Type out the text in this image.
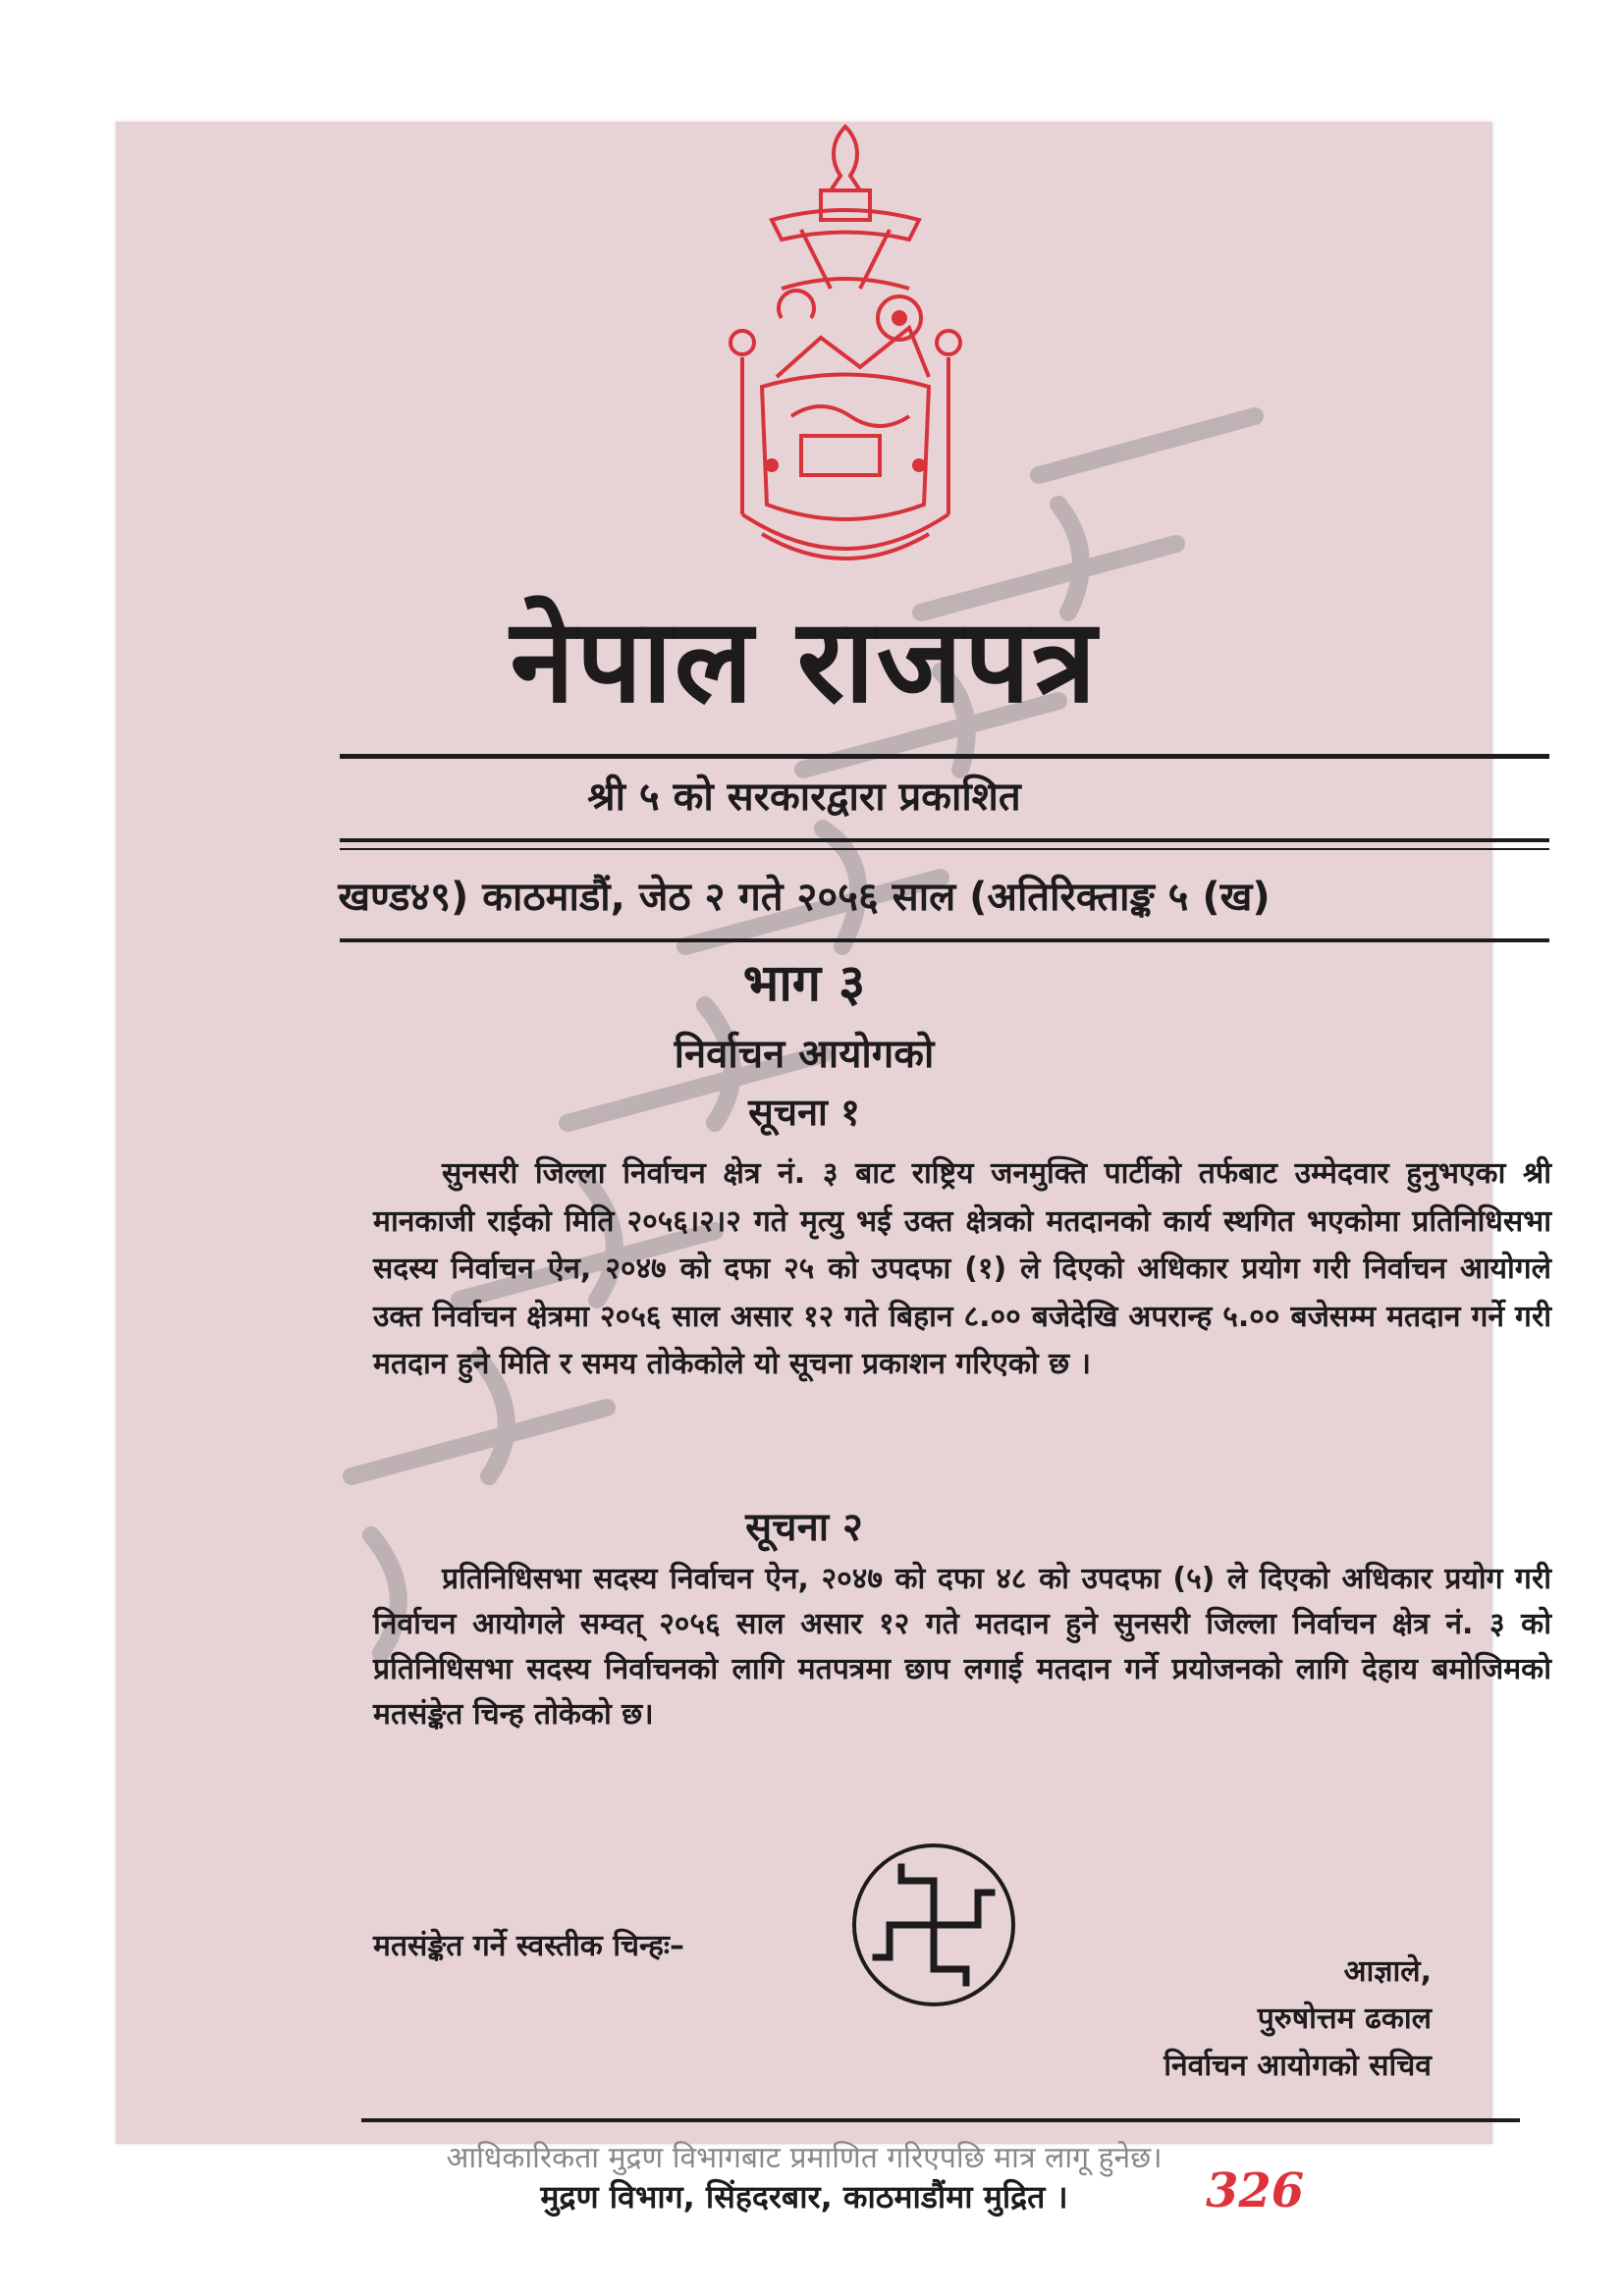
नेपाल राजपत्र
श्री ५ को सरकारद्वारा प्रकाशित
खण्ड४९) काठमाडौं, जेठ २ गते २०५६ साल (अतिरिक्ताङ्क ५ (ख)
भाग ३
निर्वाचन आयोगको
सूचना १
सुनसरी जिल्ला निर्वाचन क्षेत्र नं. ३ बाट राष्ट्रिय जनमुक्ति पार्टीको तर्फबाट उम्मेदवार हुनुभएका श्री मानकाजी राईको मिति २०५६।२।२ गते मृत्यु भई उक्त क्षेत्रको मतदानको कार्य स्थगित भएकोमा प्रतिनिधिसभा सदस्य निर्वाचन ऐन, २०४७ को दफा २५ को उपदफा (१) ले दिएको अधिकार प्रयोग गरी निर्वाचन आयोगले उक्त निर्वाचन क्षेत्रमा २०५६ साल असार १२ गते बिहान ८.०० बजेदेखि अपरान्ह ५.०० बजेसम्म मतदान गर्ने गरी मतदान हुने मिति र समय तोकेकोले यो सूचना प्रकाशन गरिएको छ ।
सूचना २
प्रतिनिधिसभा सदस्य निर्वाचन ऐन, २०४७ को दफा ४८ को उपदफा (५) ले दिएको अधिकार प्रयोग गरी निर्वाचन आयोगले सम्वत् २०५६ साल असार १२ गते मतदान हुने सुनसरी जिल्ला निर्वाचन क्षेत्र नं. ३ को प्रतिनिधिसभा सदस्य निर्वाचनको लागि मतपत्रमा छाप लगाई मतदान गर्ने प्रयोजनको लागि देहाय बमोजिमको मतसंङ्केत चिन्ह तोकेको छ।
मतसंङ्केत गर्ने स्वस्तीक चिन्हः–
आज्ञाले,
पुरुषोत्तम ढकाल
निर्वाचन आयोगको सचिव
आधिकारिकता मुद्रण विभागबाट प्रमाणित गरिएपछि मात्र लागू हुनेछ।
मुद्रण विभाग, सिंहदरबार, काठमाडौंमा मुद्रित ।	326
